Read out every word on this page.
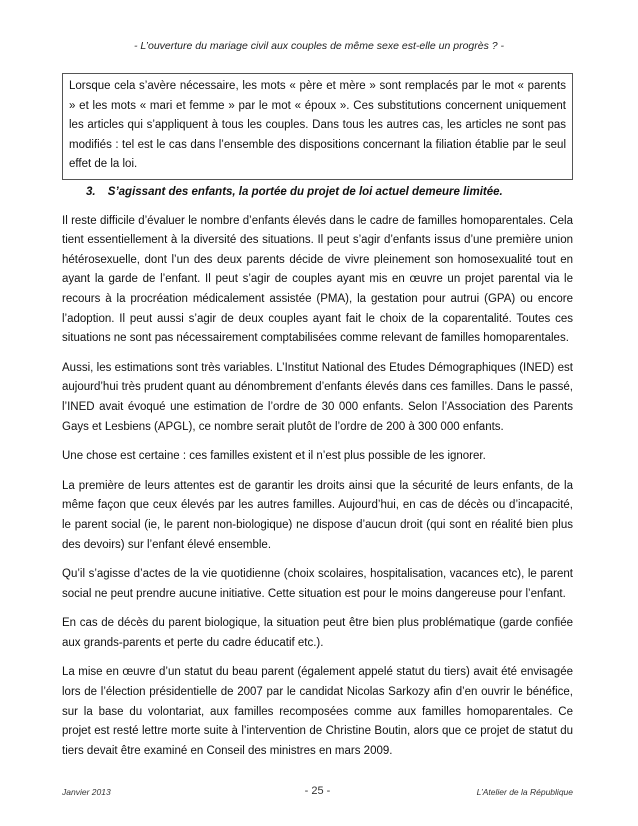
- L’ouverture du mariage civil aux couples de même sexe est-elle un progrès ? -
Lorsque cela s’avère nécessaire, les mots « père et mère » sont remplacés par le mot « parents » et les mots « mari et femme » par le mot « époux ». Ces substitutions concernent uniquement les articles qui s’appliquent à tous les couples. Dans tous les autres cas, les articles ne sont pas modifiés : tel est le cas dans l’ensemble des dispositions concernant la filiation établie par le seul effet de la loi.
3. S’agissant des enfants, la portée du projet de loi actuel demeure limitée.

Il reste difficile d’évaluer le nombre d’enfants élevés dans le cadre de familles homoparentales. Cela tient essentiellement à la diversité des situations. Il peut s’agir d’enfants issus d’une première union hétérosexuelle, dont l’un des deux parents décide de vivre pleinement son homosexualité tout en ayant la garde de l’enfant. Il peut s’agir de couples ayant mis en œuvre un projet parental via le recours à la procréation médicalement assistée (PMA), la gestation pour autrui (GPA) ou encore l’adoption. Il peut aussi s’agir de deux couples ayant fait le choix de la coparentalité. Toutes ces situations ne sont pas nécessairement comptabilisées comme relevant de familles homoparentales.

Aussi, les estimations sont très variables. L’Institut National des Etudes Démographiques (INED) est aujourd’hui très prudent quant au dénombrement d’enfants élevés dans ces familles. Dans le passé, l’INED avait évoqué une estimation de l’ordre de 30 000 enfants. Selon l’Association des Parents Gays et Lesbiens (APGL), ce nombre serait plutôt de l’ordre de 200 à 300 000 enfants.

Une chose est certaine : ces familles existent et il n’est plus possible de les ignorer.

La première de leurs attentes est de garantir les droits ainsi que la sécurité de leurs enfants, de la même façon que ceux élevés par les autres familles. Aujourd’hui, en cas de décès ou d’incapacité, le parent social (ie, le parent non-biologique) ne dispose d’aucun droit (qui sont en réalité bien plus des devoirs) sur l’enfant élevé ensemble.

Qu’il s’agisse d’actes de la vie quotidienne (choix scolaires, hospitalisation, vacances etc), le parent social ne peut prendre aucune initiative. Cette situation est pour le moins dangereuse pour l’enfant.

En cas de décès du parent biologique, la situation peut être bien plus problématique (garde confiée aux grands-parents et perte du cadre éducatif etc.).

La mise en œuvre d’un statut du beau parent (également appelé statut du tiers) avait été envisagée lors de l’élection présidentielle de 2007 par le candidat Nicolas Sarkozy afin d’en ouvrir le bénéfice, sur la base du volontariat, aux familles recomposées comme aux familles homoparentales. Ce projet est resté lettre morte suite à l’intervention de Christine Boutin, alors que ce projet de statut du tiers devait être examiné en Conseil des ministres en mars 2009.

Janvier 2013	- 25 -	L’Atelier de la République
